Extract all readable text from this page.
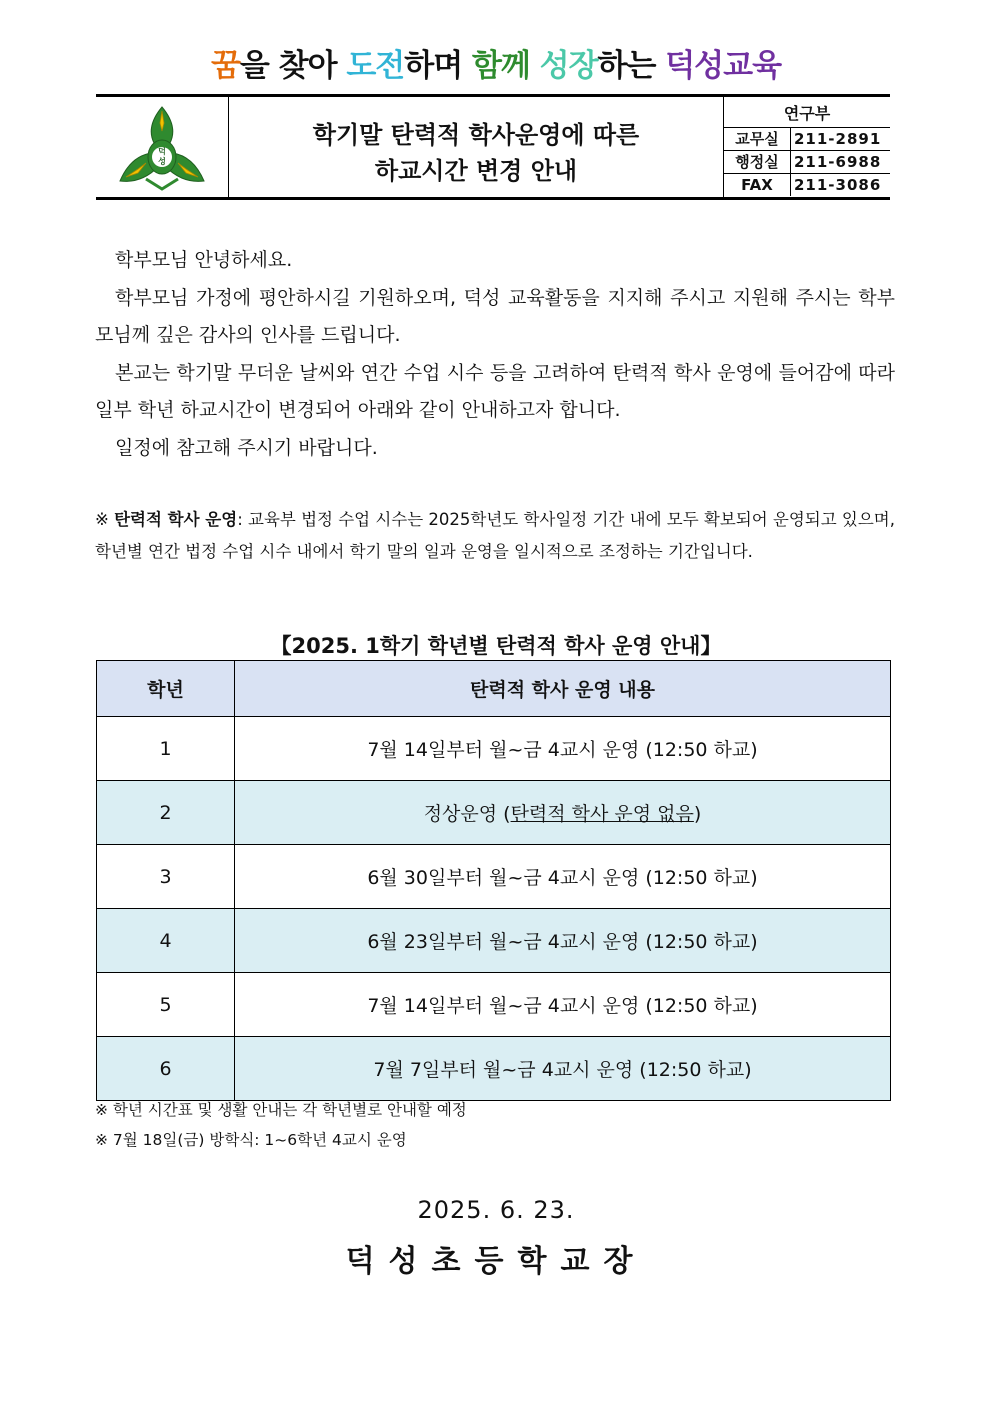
꿈을 찾아 도전하며 함께 성장하는 덕성교육
덕
성
학기말 탄력적 학사운영에 따른
하교시간 변경 안내
연구부
교무실	211-2891
행정실	211-6988
FAX	211-3086

학부모님 안녕하세요.

학부모님 가정에 평안하시길 기원하오며, 덕성 교육활동을 지지해 주시고 지원해 주시는 학부모님께 깊은 감사의 인사를 드립니다.

본교는 학기말 무더운 날씨와 연간 수업 시수 등을 고려하여 탄력적 학사 운영에 들어감에 따라 일부 학년 하교시간이 변경되어 아래와 같이 안내하고자 합니다.

일정에 참고해 주시기 바랍니다.

※ 탄력적 학사 운영: 교육부 법정 수업 시수는 2025학년도 학사일정 기간 내에 모두 확보되어 운영되고 있으며, 학년별 연간 법정 수업 시수 내에서 학기 말의 일과 운영을 일시적으로 조정하는 기간입니다.
【2025. 1학기 학년별 탄력적 학사 운영 안내】
학년	탄력적 학사 운영 내용
1	7월 14일부터 월~금 4교시 운영 (12:50 하교)
2	정상운영 (탄력적 학사 운영 없음)
3	6월 30일부터 월~금 4교시 운영 (12:50 하교)
4	6월 23일부터 월~금 4교시 운영 (12:50 하교)
5	7월 14일부터 월~금 4교시 운영 (12:50 하교)
6	7월 7일부터 월~금 4교시 운영 (12:50 하교)
※ 학년 시간표 및 생활 안내는 각 학년별로 안내할 예정
※ 7월 18일(금) 방학식: 1~6학년 4교시 운영
2025. 6. 23.
덕성초등학교장
